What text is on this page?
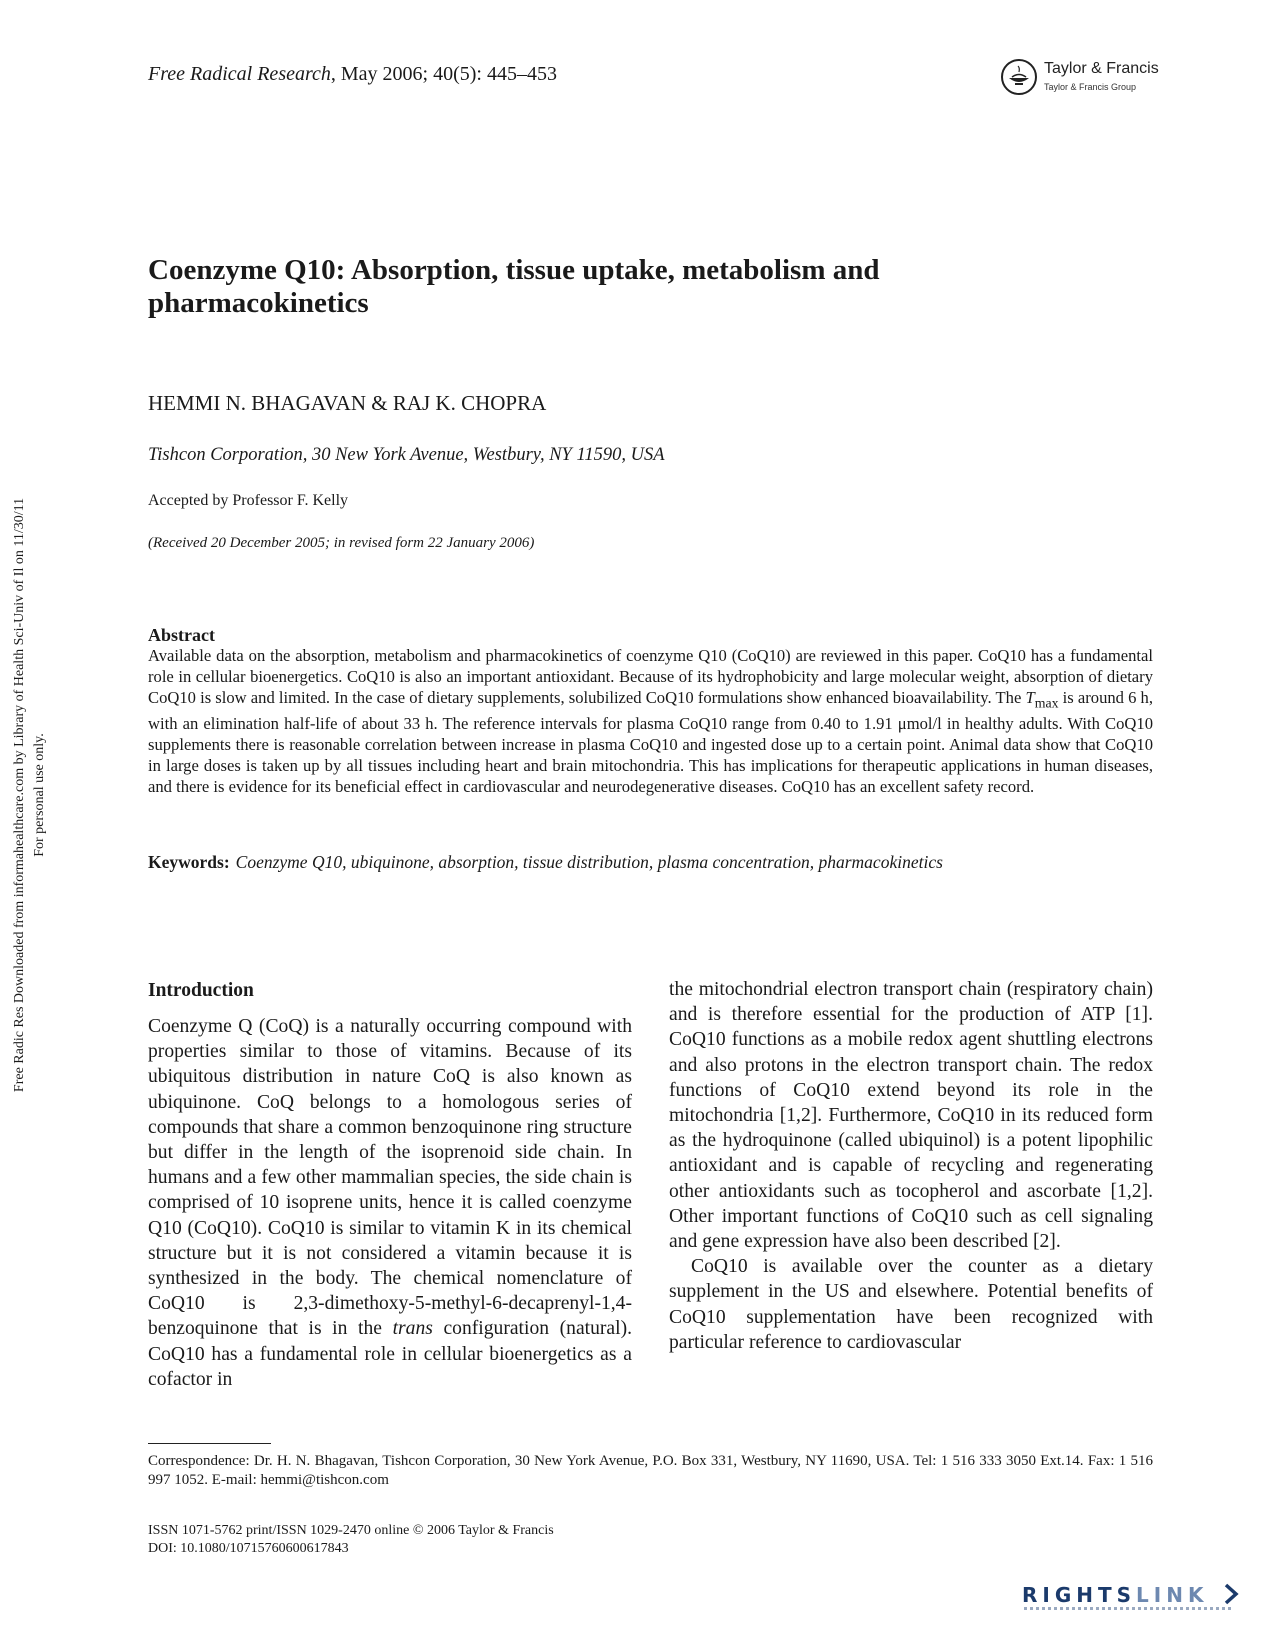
Free Radical Research, May 2006; 40(5): 445–453	Taylor & Francis
Taylor & Francis Group
Coenzyme Q10: Absorption, tissue uptake, metabolism and pharmacokinetics
HEMMI N. BHAGAVAN & RAJ K. CHOPRA
Tishcon Corporation, 30 New York Avenue, Westbury, NY 11590, USA
Accepted by Professor F. Kelly
(Received 20 December 2005; in revised form 22 January 2006)
Abstract

Available data on the absorption, metabolism and pharmacokinetics of coenzyme Q10 (CoQ10) are reviewed in this paper. CoQ10 has a fundamental role in cellular bioenergetics. CoQ10 is also an important antioxidant. Because of its hydrophobicity and large molecular weight, absorption of dietary CoQ10 is slow and limited. In the case of dietary supplements, solubilized CoQ10 formulations show enhanced bioavailability. The $T_{max}$ is around 6 h, with an elimination half-life of about 33 h. The reference intervals for plasma CoQ10 range from 0.40 to 1.91 μmol/l in healthy adults. With CoQ10 supplements there is reasonable correlation between increase in plasma CoQ10 and ingested dose up to a certain point. Animal data show that CoQ10 in large doses is taken up by all tissues including heart and brain mitochondria. This has implications for therapeutic applications in human diseases, and there is evidence for its beneficial effect in cardiovascular and neurodegenerative diseases. CoQ10 has an excellent safety record.

Keywords: Coenzyme Q10, ubiquinone, absorption, tissue distribution, plasma concentration, pharmacokinetics
Introduction

Coenzyme Q (CoQ) is a naturally occurring compound with properties similar to those of vitamins. Because of its ubiquitous distribution in nature CoQ is also known as ubiquinone. CoQ belongs to a homologous series of compounds that share a common benzoquinone ring structure but differ in the length of the isoprenoid side chain. In humans and a few other mammalian species, the side chain is comprised of 10 isoprene units, hence it is called coenzyme Q10 (CoQ10). CoQ10 is similar to vitamin K in its chemical structure but it is not considered a vitamin because it is synthesized in the body. The chemical nomenclature of CoQ10 is 2,3-dimethoxy-5-methyl-6-decaprenyl-1,4-benzoquinone that is in the trans configuration (natural). CoQ10 has a fundamental role in cellular bioenergetics as a cofactor in

the mitochondrial electron transport chain (respiratory chain) and is therefore essential for the production of ATP [1]. CoQ10 functions as a mobile redox agent shuttling electrons and also protons in the electron transport chain. The redox functions of CoQ10 extend beyond its role in the mitochondria [1,2]. Furthermore, CoQ10 in its reduced form as the hydroquinone (called ubiquinol) is a potent lipophilic antioxidant and is capable of recycling and regenerating other antioxidants such as tocopherol and ascorbate [1,2]. Other important functions of CoQ10 such as cell signaling and gene expression have also been described [2].

CoQ10 is available over the counter as a dietary supplement in the US and elsewhere. Potential benefits of CoQ10 supplementation have been recognized with particular reference to cardiovascular

Correspondence: Dr. H. N. Bhagavan, Tishcon Corporation, 30 New York Avenue, P.O. Box 331, Westbury, NY 11690, USA. Tel: 1 516 333 3050 Ext.14. Fax: 1 516 997 1052. E-mail: hemmi@tishcon.com

ISSN 1071-5762 print/ISSN 1029-2470 online © 2006 Taylor & Francis
DOI: 10.1080/10715760600617843
Free Radic Res Downloaded from informahealthcare.com by Library of Health Sci-Univ of Il on 11/30/11 For personal use only.
RIGHTSLINK
